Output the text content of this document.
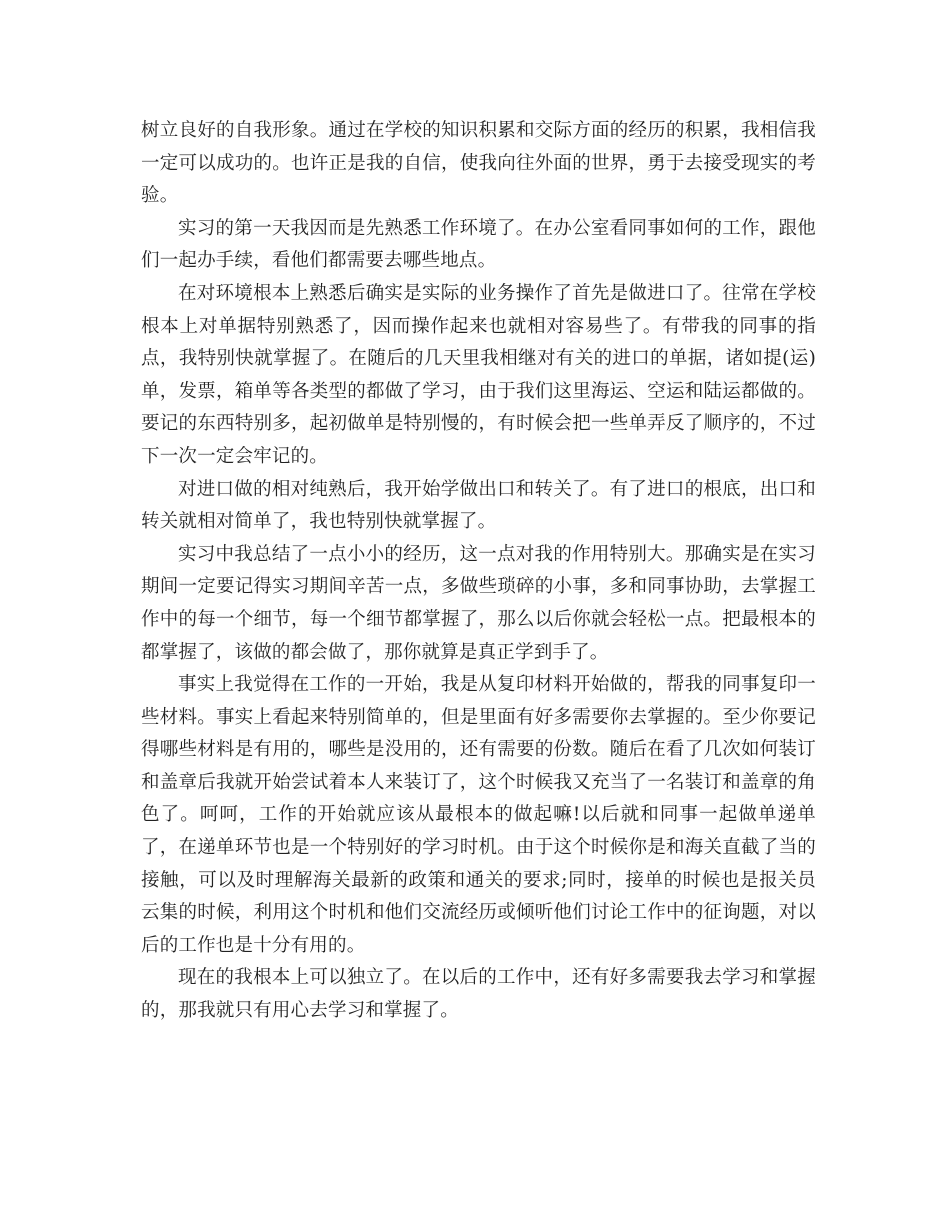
树立良好的自我形象。通过在学校的知识积累和交际方面的经历的积累，我相信我一定可以成功的。也许正是我的自信，使我向往外面的世界，勇于去接受现实的考验。

实习的第一天我因而是先熟悉工作环境了。在办公室看同事如何的工作，跟他们一起办手续，看他们都需要去哪些地点。

在对环境根本上熟悉后确实是实际的业务操作了首先是做进口了。往常在学校根本上对单据特别熟悉了，因而操作起来也就相对容易些了。有带我的同事的指点，我特别快就掌握了。在随后的几天里我相继对有关的进口的单据，诸如提(运)单，发票，箱单等各类型的都做了学习，由于我们这里海运、空运和陆运都做的。要记的东西特别多，起初做单是特别慢的，有时候会把一些单弄反了顺序的，不过下一次一定会牢记的。

对进口做的相对纯熟后，我开始学做出口和转关了。有了进口的根底，出口和转关就相对简单了，我也特别快就掌握了。

实习中我总结了一点小小的经历，这一点对我的作用特别大。那确实是在实习期间一定要记得实习期间辛苦一点，多做些琐碎的小事，多和同事协助，去掌握工作中的每一个细节，每一个细节都掌握了，那么以后你就会轻松一点。把最根本的都掌握了，该做的都会做了，那你就算是真正学到手了。

事实上我觉得在工作的一开始，我是从复印材料开始做的，帮我的同事复印一些材料。事实上看起来特别简单的，但是里面有好多需要你去掌握的。至少你要记得哪些材料是有用的，哪些是没用的，还有需要的份数。随后在看了几次如何装订和盖章后我就开始尝试着本人来装订了，这个时候我又充当了一名装订和盖章的角色了。呵呵，工作的开始就应该从最根本的做起嘛!以后就和同事一起做单递单了，在递单环节也是一个特别好的学习时机。由于这个时候你是和海关直截了当的接触，可以及时理解海关最新的政策和通关的要求;同时，接单的时候也是报关员云集的时候，利用这个时机和他们交流经历或倾听他们讨论工作中的征询题，对以后的工作也是十分有用的。

现在的我根本上可以独立了。在以后的工作中，还有好多需要我去学习和掌握的，那我就只有用心去学习和掌握了。
